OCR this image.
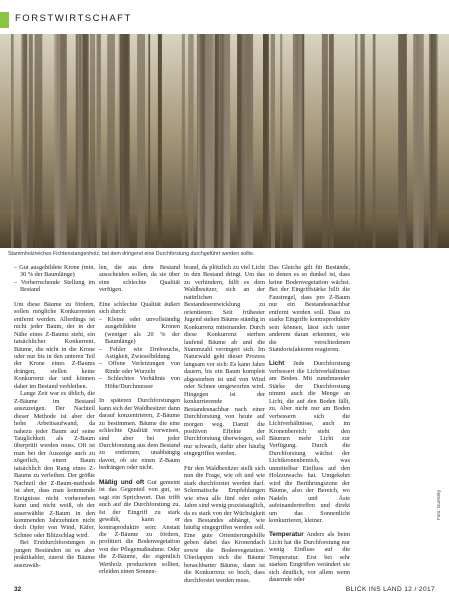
FORSTWIRTSCHAFT
Stammholzreiches Fichtenstangenholz, bei dem dringend eine Durchforstung durchgeführt werden sollte.
– Gut ausgebildete Krone (min. 30 % der Baumlänge)
– Vorherrschende Stellung im Bestand

Um diese Bäume zu fördern, sollen mögliche Konkurrenten entfernt werden. Allerdings ist nicht jeder Baum, der in der Nähe eines Z-Baums steht, ein tatsächlicher Konkurrent. Bäume, die nicht in die Krone oder nur bis in den unteren Teil der Krone eines Z-Baums drängen, stellen keine Konkurrenz dar und können daher im Bestand verbleiben.

Lange Zeit war es üblich, die Z-Bäume im Bestand auszuzeigen. Der Nachteil dieser Methode ist aber der hohe Arbeitsaufwand, da nahezu jeder Baum auf seine Tauglichkeit als Z-Baum überprüft werden muss. Oft ist man bei der Auszeige auch zu zögerlich, einen Baum tatsächlich den Rang eines Z-Baums zu verleihen. Der größte Nachteil der Z-Baum-methode ist aber, dass man kommende Ereignisse nicht vorhersehen kann und nicht weiß, ob der auserwählte Z-Baum in den kommenden Jahrzehnten nicht doch Opfer von Wind, Käfer, Schnee oder Blitzschlag wird.

Bei Erstdurchforstungen in jungen Beständen ist es aber praktikabler, zuerst die Bäume auszuwäh-

len, die aus dem Bestand ausscheiden sollen, da sie über eine schlechte Qualität verfügen.

Eine schlechte Qualität äußert sich durch:

– Kleine oder unvollständig ausgebildete Kronen (weniger als 20 % der Baumlänge)
– Fehler wie Drehwuchs, Astigkeit, Zwieselbildung
– Offene Verletzungen von Rinde oder Wurzeln
– Schlechtes Verhältnis von Höhe/Durchmesser

In späteren Durchforstungen kann sich der Waldbesitzer dann darauf konzentrieren, Z-Bäume zu bestimmen. Bäume die eine schlechte Qualität verweisen, sind aber bei jeder Durchforstung aus dem Bestand zu entfernen, unabhängig davon, ob sie einen Z-Baum bedrängen oder nicht.

Mäßig und oft Gut gemeint ist das Gegenteil von gut, so sagt ein Sprichwort. Das trifft auch auf die Durchforstung zu. Ist der Eingriff zu stark gewählt, kann er kontraproduktiv sein: Anstatt die Z-Bäume zu fördern, profitiert die Bodenvegetation von der Pflegemaßnahme. Oder die Z-Bäume, die eigentlich Wertholz produzieren sollten, erleiden einen Sonnen-

brand, da plötzlich zu viel Licht in den Bestand dringt. Um das zu verhindern, hilft es dem Waldbesitzer, sich an der natürlichen Bestandesentwicklung zu orientieren: Seit frühester Jugend stehen Bäume ständig in Konkurrenz miteinander. Durch diese Konkurrenz sterben laufend Bäume ab und die Stammzahl verringert sich. Im Naturwald geht dieser Prozess langsam vor sich: Es kann Jahre dauern, bis ein Baum komplett abgestorben ist und von Wind oder Schnee umgeworfen wird. Hingegen ist der konkurrierende Bestandesnachbar nach einer Durchforstung von heute auf morgen weg. Damit die positiven Effekte der Durchforstung überwiegen, soll nur schwach, dafür aber häufig eingegriffen werden.

Für den Waldbesitzer stellt sich nun die Frage, wie oft und wie stark durchforstet werden darf. Schematische Empfehlungen wie etwa alle fünf oder zehn Jahre sind wenig praxistauglich, da es stark von der Wüchsigkeit des Bestandes abhängt, wie häufig eingegriffen werden soll. Eine gute Orientierungshilfe geben dabei das Kronendach sowie die Bodenvegetation. Überlappen sich die Bäume benachbarter Bäume, dann ist die Konkurrenz so hoch, dass durchforstet werden muss.

Das Gleiche gilt für Bestände, in denen es so dunkel ist, dass keine Bodenvegetation wächst. Bei der Eingriffstärke hilft die Faustregel, dass pro Z-Baum nur ein Bestandesnachbar entfernt werden soll. Dass zu starke Eingriffe kontraproduktiv sein können, lässt sich unter anderem daran erkennen, wie die verschiedenen Standortsfaktoren reagieren.

Licht Jede Durchforstung verbessert die Lichtverhältnisse am Boden. Mit zunehmender Stärke der Durchforstung nimmt auch die Menge an Licht, die auf den Boden fällt, zu. Aber nicht nur am Boden verbessern sich die Lichtverhältnisse, auch im Kronenbereich steht den Bäumen mehr Licht zur Verfügung. Durch die Durchforstung wächst der Lichtkronenbereich, was unmittelbar Einfluss auf den Holzzuwachs hat. Umgekehrt wird die Berührungszone der Bäume, also der Bereich, wo Nadeln und Äste aufeinandertreffen und direkt um das Sonnenlicht konkurrieren, kleiner.

Temperatur Anders als beim Licht hat die Durchforstung nur wenig Einfluss auf die Temperatur. Erst bei sehr starken Eingriffen verändert sie sich deutlich, vor allem wenn dauernde oder

Foto: Guretzky
32	BLICK INS LAND 12 / 2017
